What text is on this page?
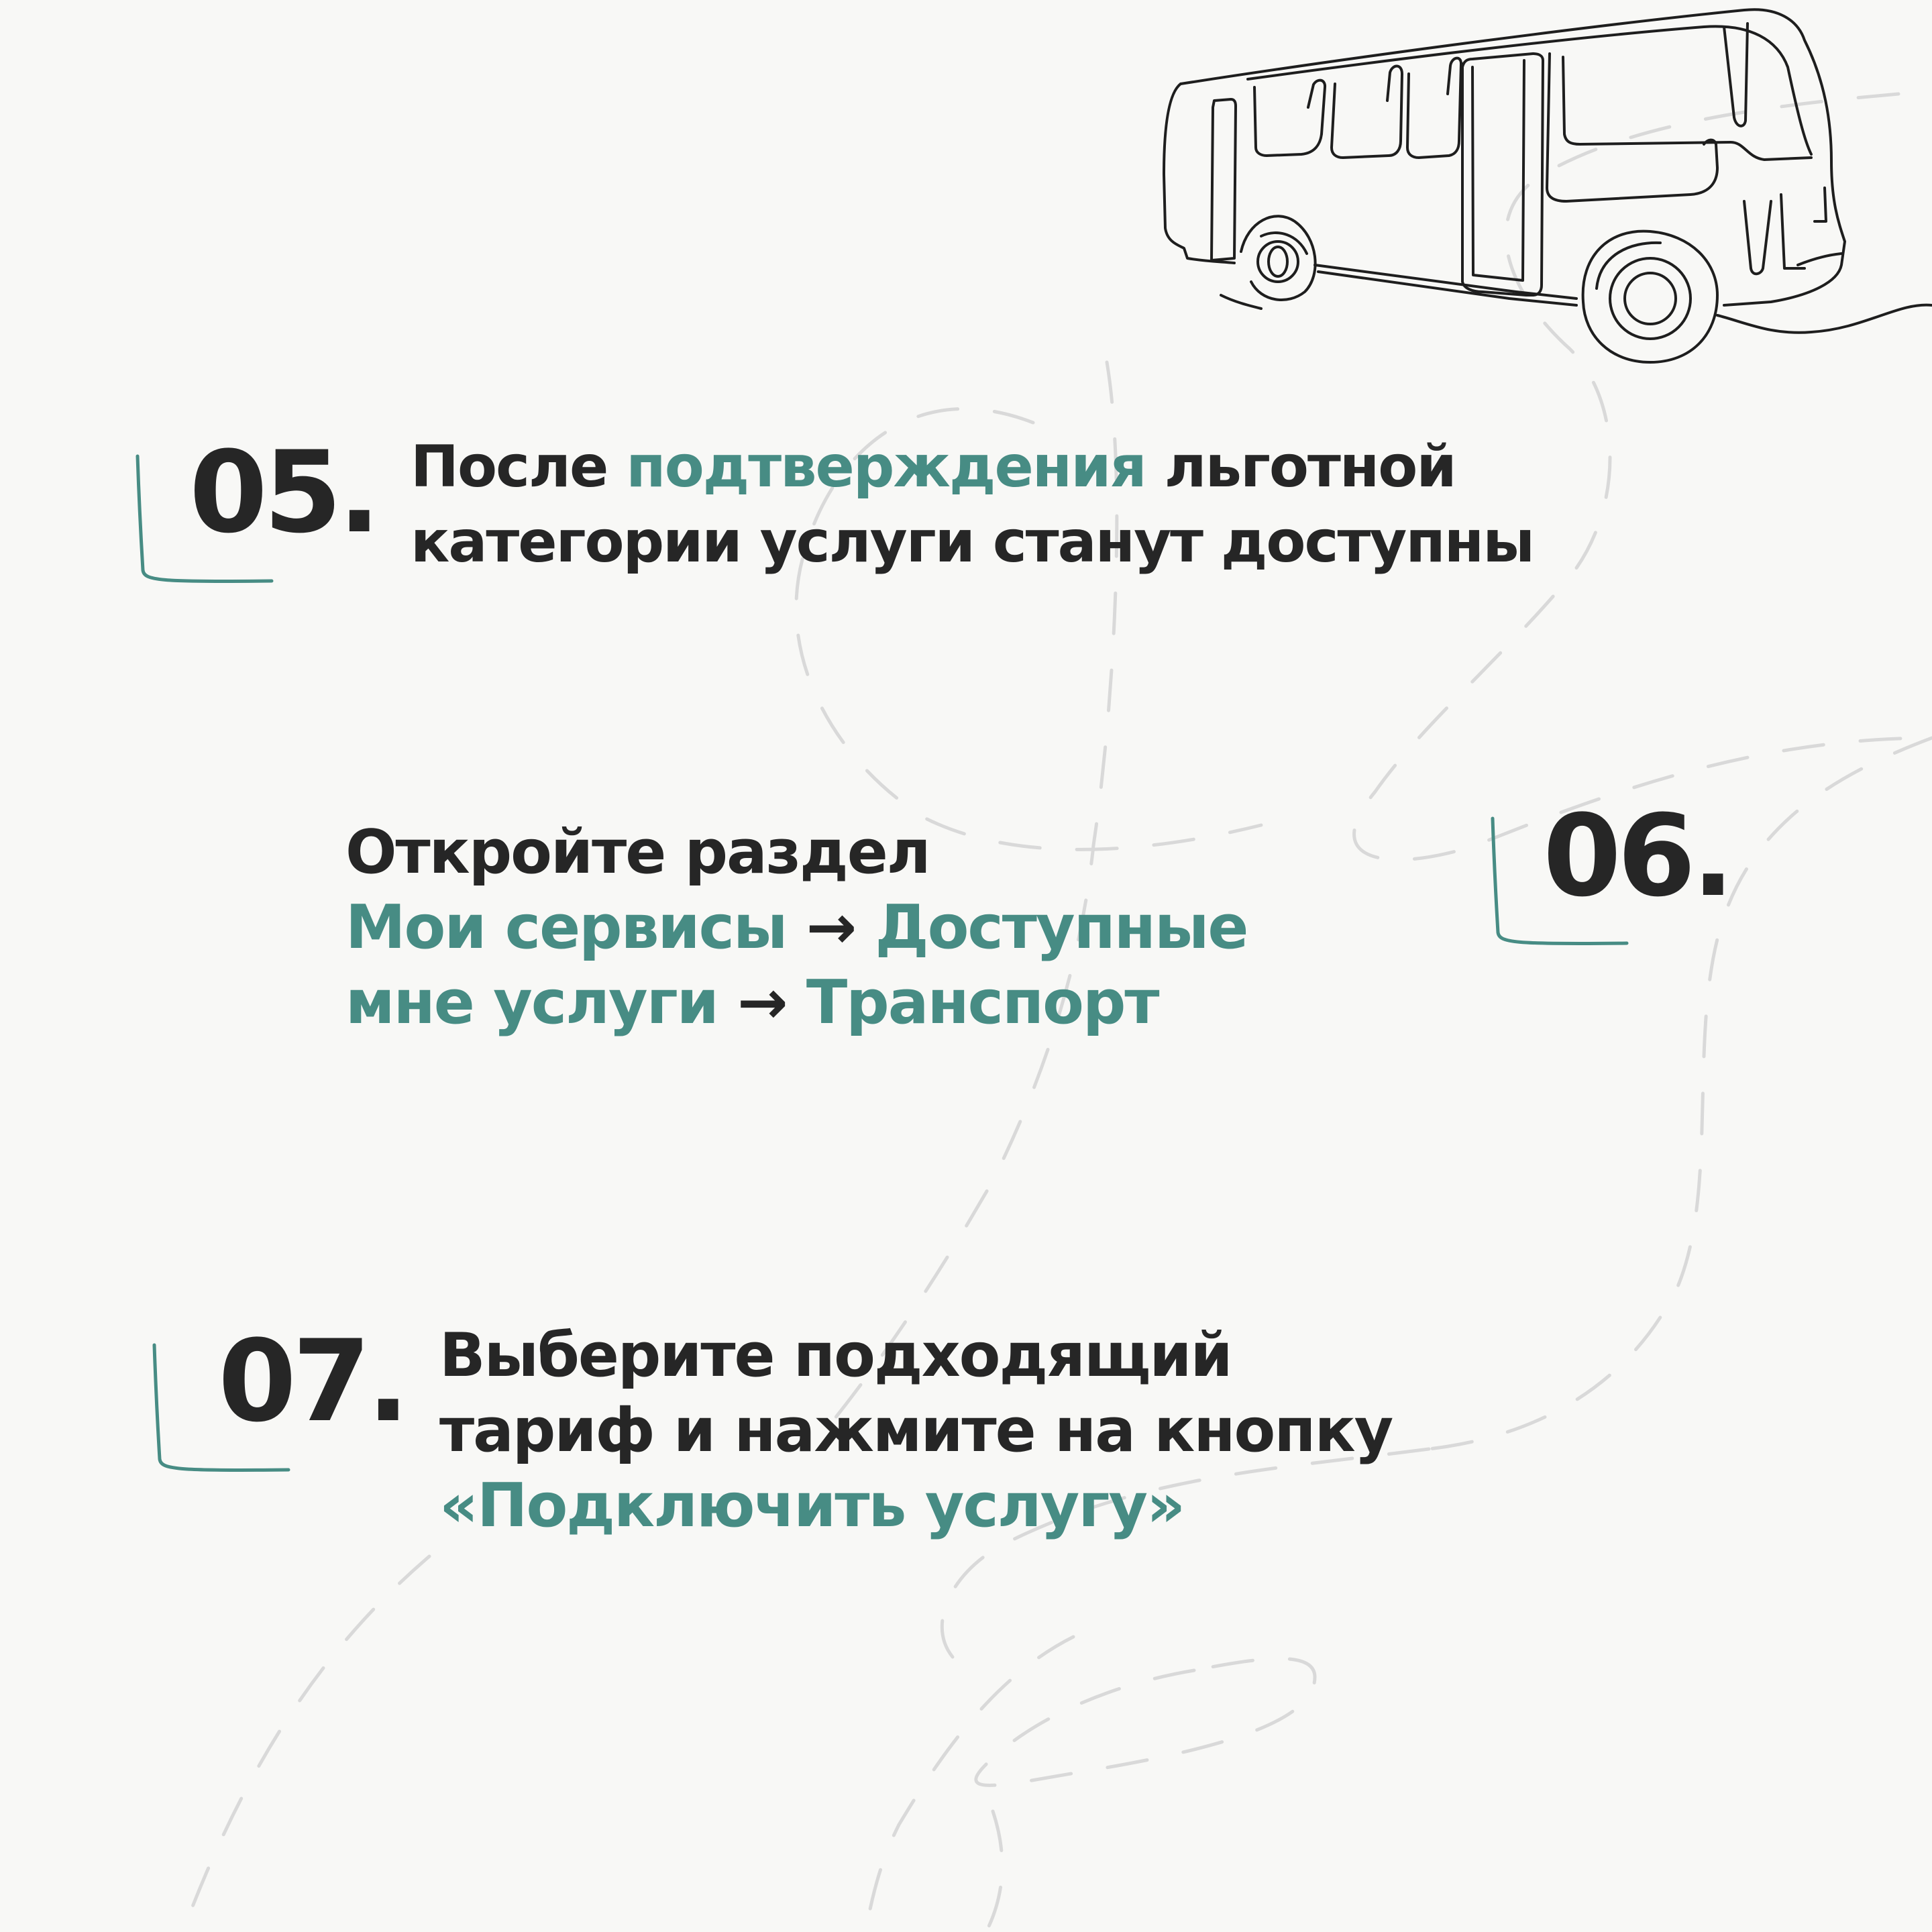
05. После подтверждения льготной
категории услуги станут доступны
Откройте раздел
Мои сервисы → Доступные
мне услуги → Транспорт
06.
07. Выберите подходящий
тариф и нажмите на кнопку
«Подключить услугу»
